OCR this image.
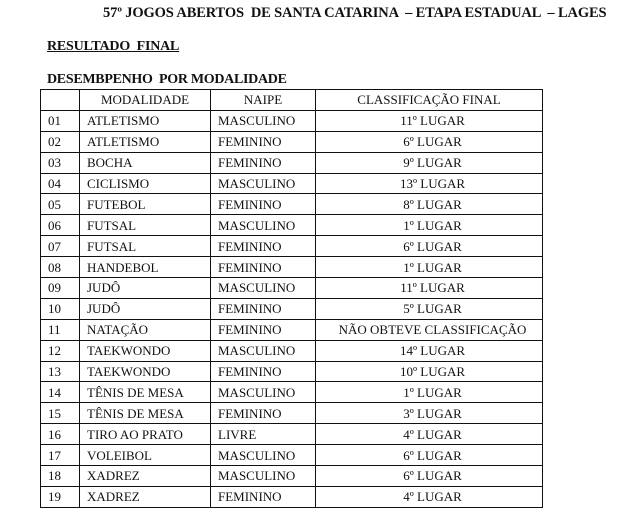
57º JOGOS ABERTOS  DE SANTA CATARINA  – ETAPA ESTADUAL  – LAGES
RESULTADO  FINAL
DESEMBPENHO  POR MODALIDADE
	MODALIDADE	NAIPE	CLASSIFICAÇÃO FINAL
01	ATLETISMO	MASCULINO	11º LUGAR
02	ATLETISMO	FEMININO	6º LUGAR
03	BOCHA	FEMININO	9º LUGAR
04	CICLISMO	MASCULINO	13º LUGAR
05	FUTEBOL	FEMININO	8º LUGAR
06	FUTSAL	MASCULINO	1º LUGAR
07	FUTSAL	FEMININO	6º LUGAR
08	HANDEBOL	FEMININO	1º LUGAR
09	JUDÔ	MASCULINO	11º LUGAR
10	JUDÔ	FEMININO	5º LUGAR
11	NATAÇÃO	FEMININO	NÃO OBTEVE CLASSIFICAÇÃO
12	TAEKWONDO	MASCULINO	14º LUGAR
13	TAEKWONDO	FEMININO	10º LUGAR
14	TÊNIS DE MESA	MASCULINO	1º LUGAR
15	TÊNIS DE MESA	FEMININO	3º LUGAR
16	TIRO AO PRATO	LIVRE	4º LUGAR
17	VOLEIBOL	MASCULINO	6º LUGAR
18	XADREZ	MASCULINO	6º LUGAR
19	XADREZ	FEMININO	4º LUGAR
